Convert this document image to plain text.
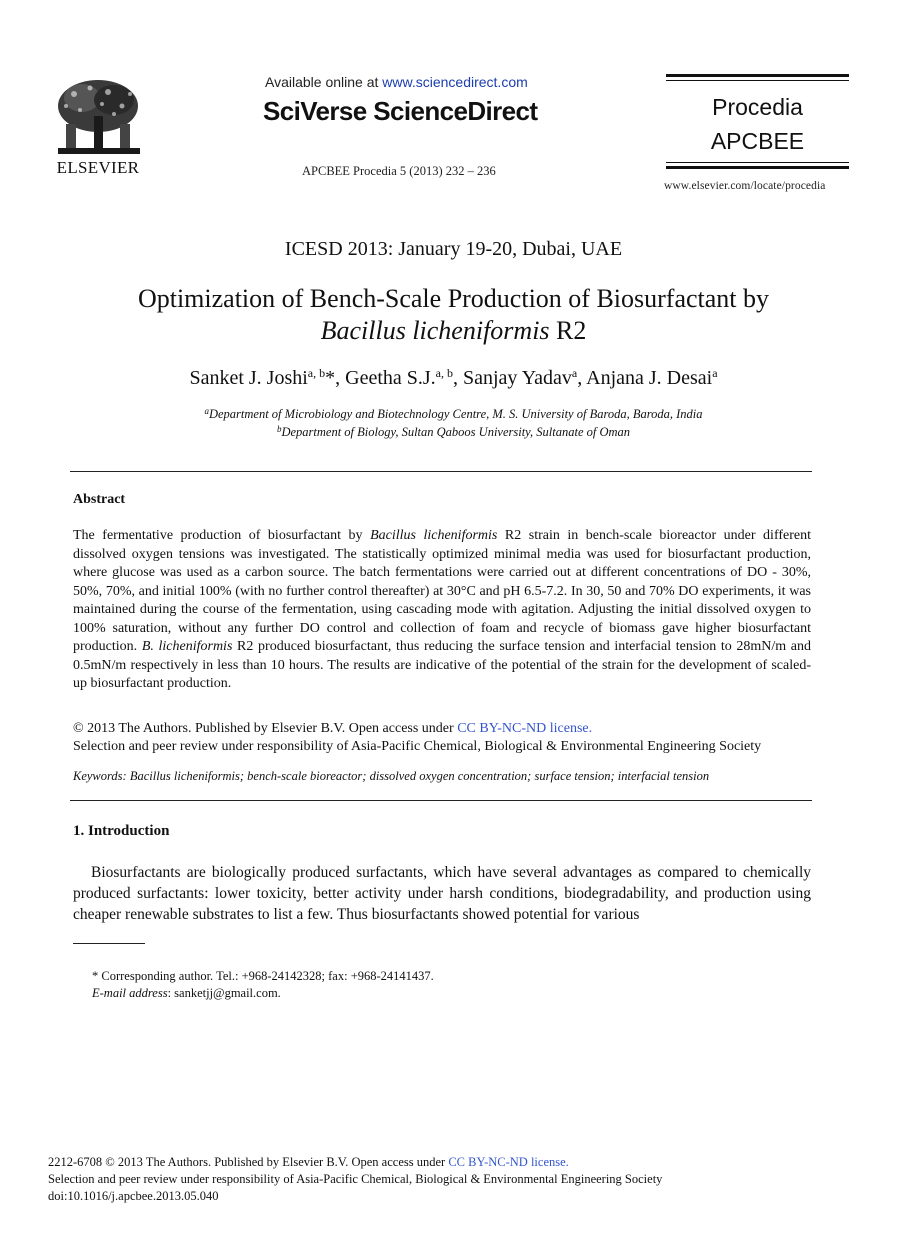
ELSEVIER
Available online at www.sciencedirect.com
SciVerse ScienceDirect
APCBEE Procedia 5 (2013) 232 – 236
Procedia
APCBEE
www.elsevier.com/locate/procedia
ICESD 2013: January 19-20, Dubai, UAE
Optimization of Bench-Scale Production of Biosurfactant by
Bacillus licheniformis R2
Sanket J. Joshi$^{a, b}$*, Geetha S.J.$^{a, b}$, Sanjay Yadav$^a$, Anjana J. Desai$^a$
$^a$Department of Microbiology and Biotechnology Centre, M. S. University of Baroda, Baroda, India
$^b$Department of Biology, Sultan Qaboos University, Sultanate of Oman
Abstract
The fermentative production of biosurfactant by Bacillus licheniformis R2 strain in bench-scale bioreactor under different dissolved oxygen tensions was investigated. The statistically optimized minimal media was used for biosurfactant production, where glucose was used as a carbon source. The batch fermentations were carried out at different concentrations of DO - 30%, 50%, 70%, and initial 100% (with no further control thereafter) at 30°C and pH 6.5-7.2. In 30, 50 and 70% DO experiments, it was maintained during the course of the fermentation, using cascading mode with agitation. Adjusting the initial dissolved oxygen to 100% saturation, without any further DO control and collection of foam and recycle of biomass gave higher biosurfactant production. B. licheniformis R2 produced biosurfactant, thus reducing the surface tension and interfacial tension to 28mN/m and 0.5mN/m respectively in less than 10 hours. The results are indicative of the potential of the strain for the development of scaled-up biosurfactant production.
© 2013 The Authors. Published by Elsevier B.V. Open access under CC BY-NC-ND license.
Selection and peer review under responsibility of Asia-Pacific Chemical, Biological & Environmental Engineering Society
Keywords: Bacillus licheniformis; bench-scale bioreactor; dissolved oxygen concentration; surface tension; interfacial tension
1. Introduction
Biosurfactants are biologically produced surfactants, which have several advantages as compared to chemically produced surfactants: lower toxicity, better activity under harsh conditions, biodegradability, and production using cheaper renewable substrates to list a few. Thus biosurfactants showed potential for various
* Corresponding author. Tel.: +968-24142328; fax: +968-24141437.
E-mail address: sanketjj@gmail.com.
2212-6708 © 2013 The Authors. Published by Elsevier B.V. Open access under CC BY-NC-ND license.
Selection and peer review under responsibility of Asia-Pacific Chemical, Biological & Environmental Engineering Society
doi:10.1016/j.apcbee.2013.05.040
